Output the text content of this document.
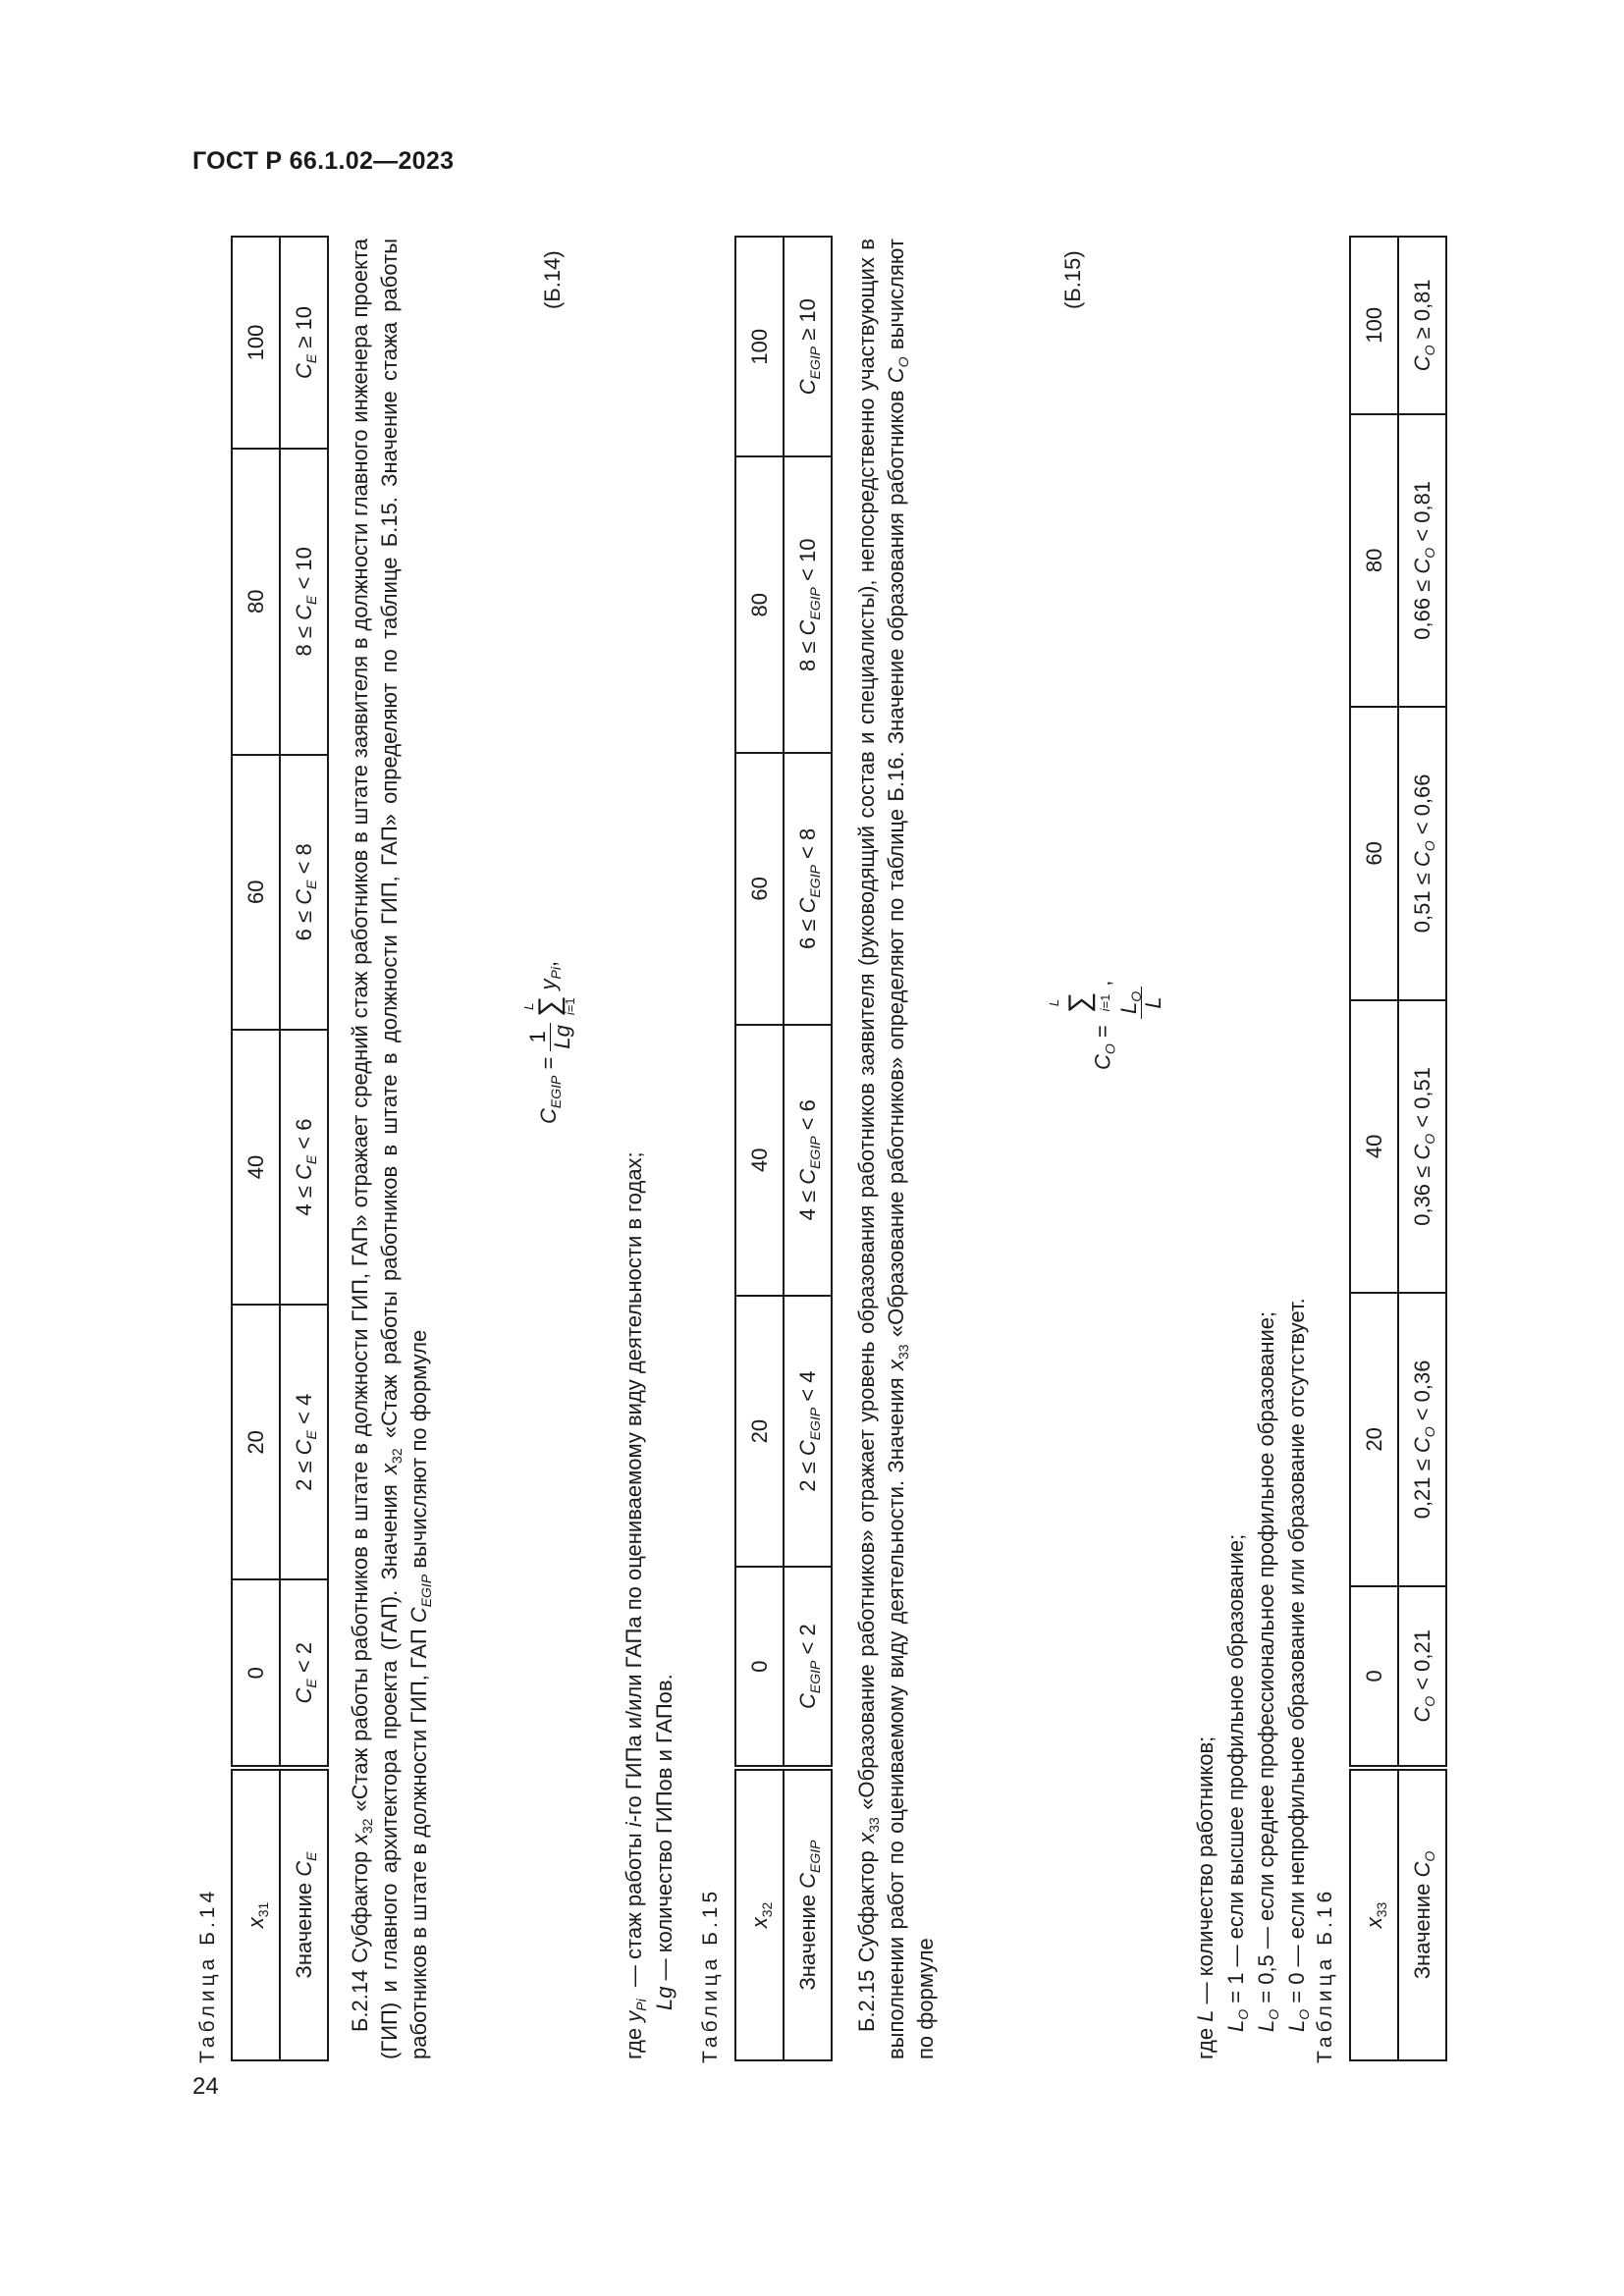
ГОСТ Р 66.1.02—2023
24
Таблица Б.14 $x_{31}$	0	20	40	60	80	100
Значение $C_E$	$C_E < 2$	$2 \le C_E < 4$	$4 \le C_E < 6$	$6 \le C_E < 8$	$8 \le C_E < 10$	$C_E \ge 10$
Б.2.14 Субфактор $x_{32}$ «Стаж работы работников в штате в должности ГИП, ГАП» отражает средний стаж работников в штате заявителя в должности главного инженера проекта (ГИП) и главного архитектора проекта (ГАП). Значения $x_{32}$ «Стаж работы работников в штате в должности ГИП, ГАП» определяют по таблице Б.15. Значение стажа работы работников в штате в должности ГИП, ГАП $C_{EGIP}$ вычисляют по формуле
$C_{EGIP}$ =
1 Lg

L
∑
i=1
$y_{Pi}$,
(Б.14)
где $y_{Pi}$  — стаж работы i-го ГИПа и/или ГАПа по оцениваемому виду деятельности в годах;
Lg — количество ГИПов и ГАПов. Таблица Б.15 $x_{32}$	0	20	40	60	80	100
Значение $C_{EGIP}$	$C_{EGIP} < 2$	$2 \le C_{EGIP} < 4$	$4 \le C_{EGIP} < 6$	$6 \le C_{EGIP} < 8$	$8 \le C_{EGIP} < 10$	$C_{EGIP} \ge 10$
Б.2.15 Субфактор $x_{33}$ «Образование работников» отражает уровень образования работников заявителя (руководящий состав и специалисты), непосредственно участвующих в выполнении работ по оцениваемому виду деятельности. Значения $x_{33}$ «Образование работников» определяют по таблице Б.16. Значение образования работников $C_O$ вычисляют по формуле
$C_O$ =
L ∑ i=1 $L_O$
L
,
(Б.15)
где L — количество работников;
$L_O = 1$ — если высшее профильное образование;
$L_O = 0,5$ — если среднее профессиональное профильное образование;
$L_O = 0$ — если непрофильное образование или образование отсутствует. Таблица Б.16 $x_{33}$	0	20	40	60	80	100
Значение $C_O$	$C_O < 0,21$	$0,21 \le C_O < 0,36$	$0,36 \le C_O < 0,51$	$0,51 \le C_O < 0,66$	$0,66 \le C_O < 0,81$	$C_O \ge 0,81$
